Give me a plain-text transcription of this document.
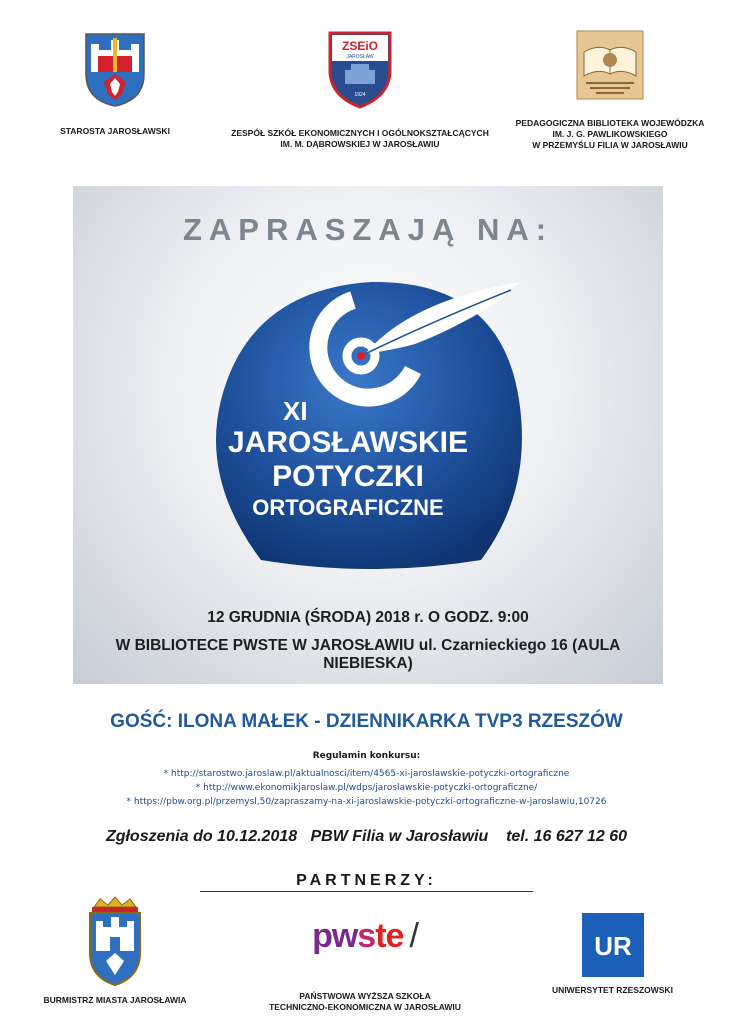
STAROSTA JAROSŁAWSKI
ZSEiO
JAROSŁAW
1924
ZESPÓŁ SZKÓŁ EKONOMICZNYCH I OGÓLNOKSZTAŁCĄCYCH
IM. M. DĄBROWSKIEJ W JAROSŁAWIU
PEDAGOGICZNA BIBLIOTEKA WOJEWÓDZKA
IM. J. G. PAWLIKOWSKIEGO
W PRZEMYŚLU FILIA W JAROSŁAWIU
ZAPRASZAJĄ NA:
XI
JAROSŁAWSKIE
POTYCZKI
ORTOGRAFICZNE
12 GRUDNIA (ŚRODA) 2018 r. O GODZ. 9:00
W BIBLIOTECE PWSTE W JAROSŁAWIU ul. Czarnieckiego 16 (AULA NIEBIESKA)
GOŚĆ: ILONA MAŁEK - DZIENNIKARKA TVP3 RZESZÓW
Regulamin konkursu:
* http://starostwo.jaroslaw.pl/aktualnosci/item/4565-xi-jaroslawskie-potyczki-ortograficzne
* http://www.ekonomikjaroslaw.pl/wdps/jaroslawskie-potyczki-ortograficzne/
* https://pbw.org.pl/przemysl,50/zapraszamy-na-xi-jaroslawskie-potyczki-ortograficzne-w-jaroslawiu,10726
Zgłoszenia do 10.12.2018   PBW Filia w Jarosławiu    tel. 16 627 12 60
PARTNERZY:
BURMISTRZ MIASTA JAROSŁAWIA
pwste /
PAŃSTWOWA WYŻSZA SZKOŁA
TECHNICZNO-EKONOMICZNA W JAROSŁAWIU
UR
UNIWERSYTET RZESZOWSKI
